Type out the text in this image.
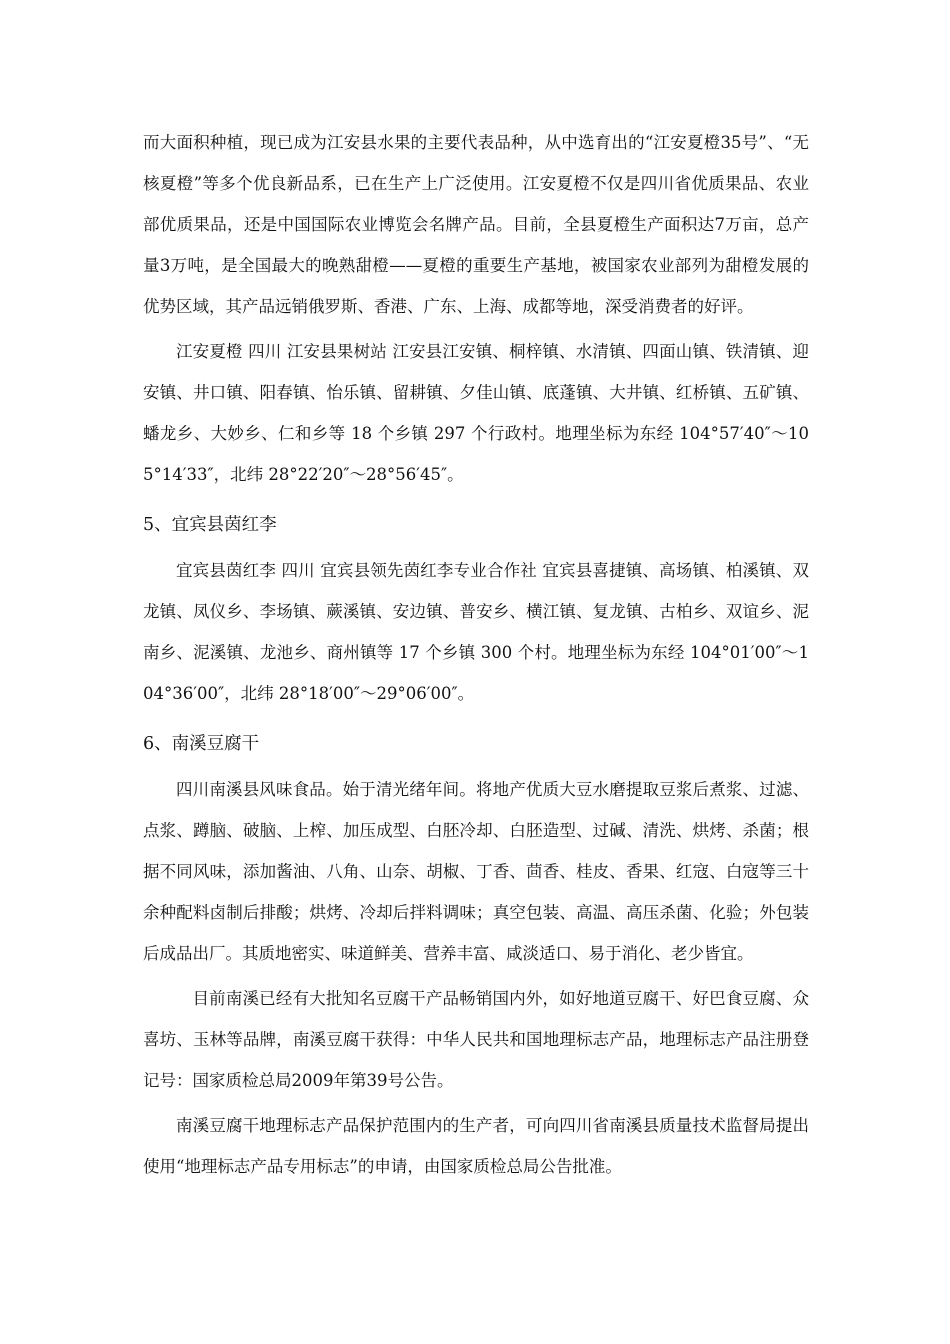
而大面积种植，现已成为江安县水果的主要代表品种，从中选育出的“江安夏橙35号”、“无核夏橙”等多个优良新品系，已在生产上广泛使用。江安夏橙不仅是四川省优质果品、农业部优质果品，还是中国国际农业博览会名牌产品。目前，全县夏橙生产面积达7万亩，总产量3万吨，是全国最大的晚熟甜橙——夏橙的重要生产基地，被国家农业部列为甜橙发展的优势区域，其产品远销俄罗斯、香港、广东、上海、成都等地，深受消费者的好评。

江安夏橙 四川 江安县果树站 江安县江安镇、桐梓镇、水清镇、四面山镇、铁清镇、迎安镇、井口镇、阳春镇、怡乐镇、留耕镇、夕佳山镇、底蓬镇、大井镇、红桥镇、五矿镇、蟠龙乡、大妙乡、仁和乡等 18 个乡镇 297 个行政村。地理坐标为东经 104°57′40″～105°14′33″，北纬 28°22′20″～28°56′45″。

5、宜宾县茵红李

宜宾县茵红李 四川 宜宾县领先茵红李专业合作社 宜宾县喜捷镇、高场镇、柏溪镇、双龙镇、凤仪乡、李场镇、蕨溪镇、安边镇、普安乡、横江镇、复龙镇、古柏乡、双谊乡、泥南乡、泥溪镇、龙池乡、商州镇等 17 个乡镇 300 个村。地理坐标为东经 104°01′00″～104°36′00″，北纬 28°18′00″～29°06′00″。

6、南溪豆腐干

四川南溪县风味食品。始于清光绪年间。将地产优质大豆水磨提取豆浆后煮浆、过滤、点浆、蹲脑、破脑、上榨、加压成型、白胚冷却、白胚造型、过碱、清洗、烘烤、杀菌；根据不同风味，添加酱油、八角、山奈、胡椒、丁香、茴香、桂皮、香果、红寇、白寇等三十余种配料卤制后排酸；烘烤、冷却后拌料调味；真空包装、高温、高压杀菌、化验；外包装后成品出厂。其质地密实、味道鲜美、营养丰富、咸淡适口、易于消化、老少皆宜。

目前南溪已经有大批知名豆腐干产品畅销国内外，如好地道豆腐干、好巴食豆腐、众喜坊、玉林等品牌，南溪豆腐干获得：中华人民共和国地理标志产品，地理标志产品注册登记号：国家质检总局2009年第39号公告。

南溪豆腐干地理标志产品保护范围内的生产者，可向四川省南溪县质量技术监督局提出使用“地理标志产品专用标志”的申请，由国家质检总局公告批准。
